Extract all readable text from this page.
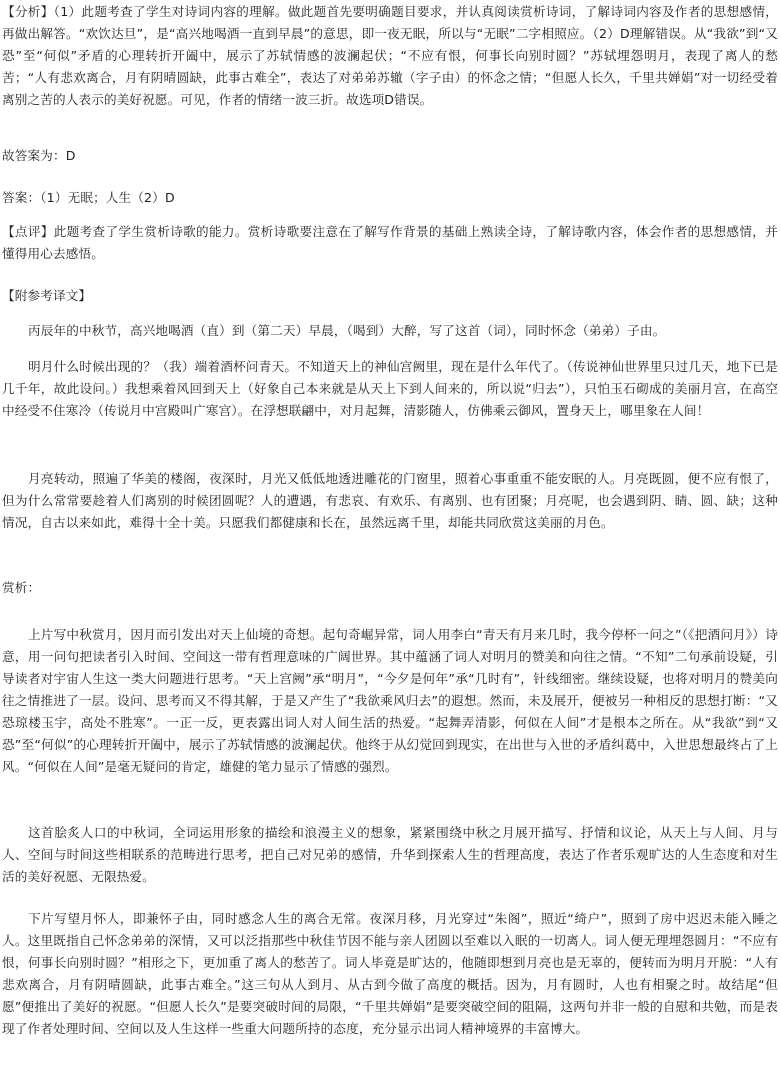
【分析】（1）此题考查了学生对诗词内容的理解。做此题首先要明确题目要求，并认真阅读赏析诗词，了解诗词内容及作者的思想感情，再做出解答。“欢饮达旦”，是“高兴地喝酒一直到早晨”的意思，即一夜无眠，所以与“无眠”二字相照应。（2）D理解错误。从“我欲”到“又恐”至“何似”矛盾的心理转折开阖中，展示了苏轼情感的波澜起伏；“不应有恨，何事长向别时圆？”苏轼埋怨明月，表现了离人的愁苦；“人有悲欢离合，月有阴晴圆缺，此事古难全”，表达了对弟弟苏辙（字子由）的怀念之情；“但愿人长久，千里共婵娟”对一切经受着离别之苦的人表示的美好祝愿。可见，作者的情绪一波三折。故选项D错误。

故答案为：D

答案：（1）无眠；人生（2）D

【点评】此题考查了学生赏析诗歌的能力。赏析诗歌要注意在了解写作背景的基础上熟读全诗，了解诗歌内容，体会作者的思想感情，并懂得用心去感悟。

【附参考译文】

丙辰年的中秋节，高兴地喝酒（直）到（第二天）早晨，（喝到）大醉，写了这首（词），同时怀念（弟弟）子由。

明月什么时候出现的？（我）端着酒杯问青天。不知道天上的神仙宫阙里，现在是什么年代了。（传说神仙世界里只过几天，地下已是几千年，故此设问。）我想乘着风回到天上（好象自己本来就是从天上下到人间来的，所以说“归去”），只怕玉石砌成的美丽月宫，在高空中经受不住寒冷（传说月中宫殿叫广寒宫）。在浮想联翩中，对月起舞，清影随人，仿佛乘云御风，置身天上，哪里象在人间！

月亮转动，照遍了华美的楼阁，夜深时，月光又低低地透进雕花的门窗里，照着心事重重不能安眠的人。月亮既圆，便不应有恨了，但为什么常常要趁着人们离别的时候团圆呢？人的遭遇，有悲哀、有欢乐、有离别、也有团聚；月亮呢，也会遇到阴、睛、圆、缺；这种情况，自古以来如此，难得十全十美。只愿我们都健康和长在，虽然远离千里，却能共同欣赏这美丽的月色。

赏析：

上片写中秋赏月，因月而引发出对天上仙境的奇想。起句奇崛异常，词人用李白“青天有月来几时，我今停杯一问之”（《把酒问月》）诗意，用一问句把读者引入时间、空间这一带有哲理意味的广阔世界。其中蕴涵了词人对明月的赞美和向往之情。“不知”二句承前设疑，引导读者对宇宙人生这一类大问题进行思考。“天上宫阙”承“明月”，“今夕是何年”承“几时有”，针线细密。继续设疑，也将对明月的赞美向往之情推进了一层。设问、思考而又不得其解，于是又产生了“我欲乘风归去”的遐想。然而，未及展开，便被另一种相反的思想打断：“又恐琼楼玉宇，高处不胜寒”。一正一反，更表露出词人对人间生活的热爱。“起舞弄清影，何似在人间”才是根本之所在。从“我欲”到“又恐”至“何似”的心理转折开阖中，展示了苏轼情感的波澜起伏。他终于从幻觉回到现实，在出世与入世的矛盾纠葛中，入世思想最终占了上风。“何似在人间”是毫无疑问的肯定，雄健的笔力显示了情感的强烈。

这首脍炙人口的中秋词，全词运用形象的描绘和浪漫主义的想象，紧紧围绕中秋之月展开描写、抒情和议论，从天上与人间、月与人、空间与时间这些相联系的范畴进行思考，把自己对兄弟的感情，升华到探索人生的哲理高度，表达了作者乐观旷达的人生态度和对生活的美好祝愿、无限热爱。

下片写望月怀人，即兼怀子由，同时感念人生的离合无常。夜深月移，月光穿过“朱阁”，照近“绮户”，照到了房中迟迟未能入睡之人。这里既指自己怀念弟弟的深情，又可以泛指那些中秋佳节因不能与亲人团圆以至难以入眠的一切离人。词人便无理埋怨圆月：“不应有恨，何事长向别时圆？”相形之下，更加重了离人的愁苦了。词人毕竟是旷达的，他随即想到月亮也是无辜的，便转而为明月开脱：“人有悲欢离合，月有阴晴圆缺，此事古难全。”这三句从人到月、从古到今做了高度的概括。因为，月有圆时，人也有相聚之时。故结尾“但愿”便推出了美好的祝愿。“但愿人长久”是要突破时间的局限，“千里共婵娟”是要突破空间的阻隔，这两句并非一般的自慰和共勉，而是表现了作者处理时间、空间以及人生这样一些重大问题所持的态度，充分显示出词人精神境界的丰富博大。
